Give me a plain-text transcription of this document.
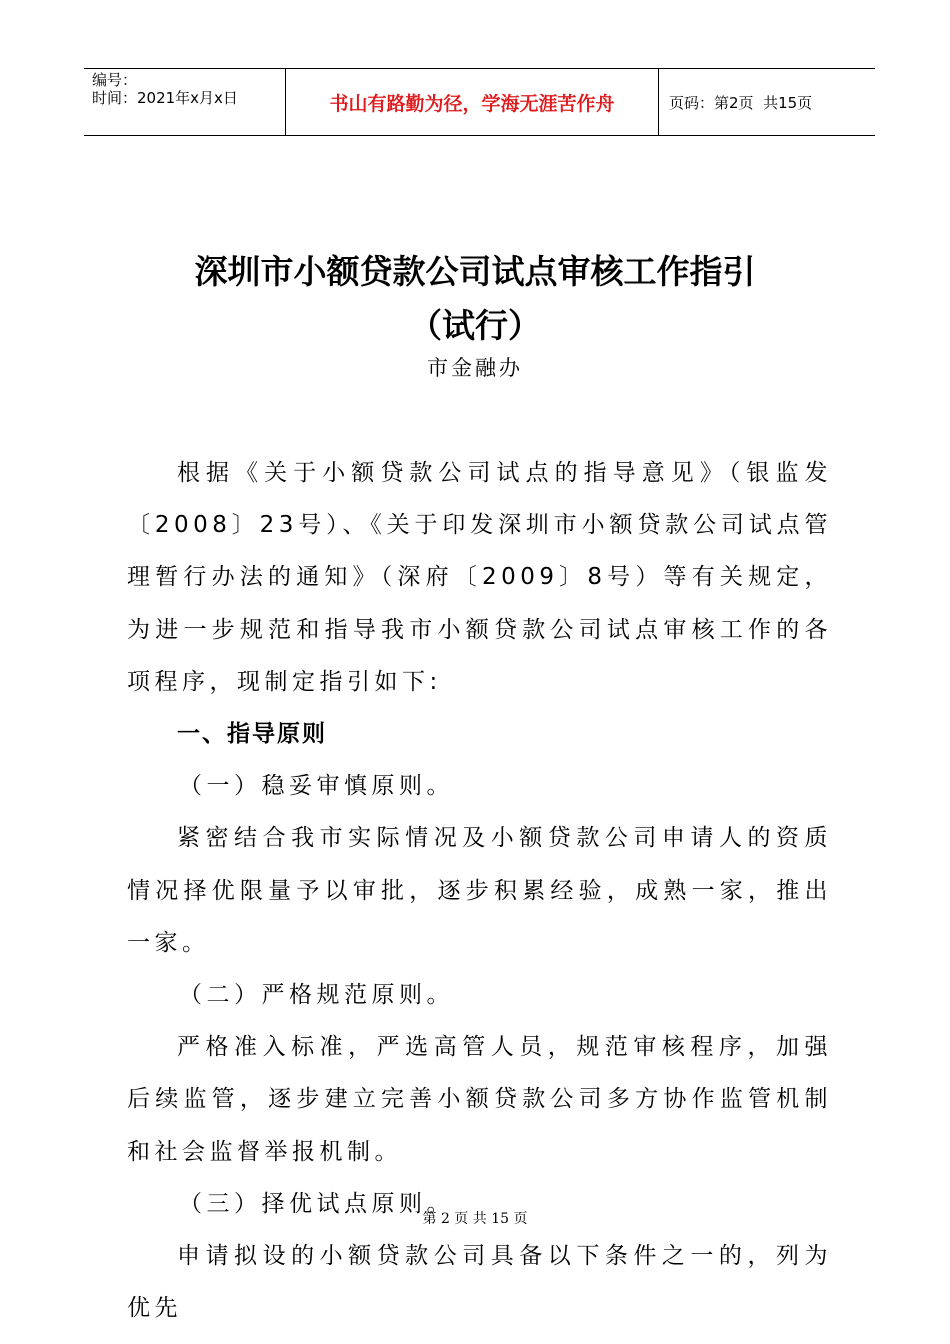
编号：
时间：2021年x月x日	书山有路勤为径，学海无涯苦作舟	页码：第2页  共15页
深圳市小额贷款公司试点审核工作指引
（试行）
市金融办

根据《关于小额贷款公司试点的指导意见》（银监发〔2008〕23号）、《关于印发深圳市小额贷款公司试点管理暂行办法的通知》（深府〔2009〕8号）等有关规定，为进一步规范和指导我市小额贷款公司试点审核工作的各项程序，现制定指引如下:

一、指导原则

（一）稳妥审慎原则。

紧密结合我市实际情况及小额贷款公司申请人的资质情况择优限量予以审批，逐步积累经验，成熟一家，推出一家。

（二）严格规范原则。

严格准入标准，严选高管人员，规范审核程序，加强后续监管，逐步建立完善小额贷款公司多方协作监管机制和社会监督举报机制。

（三）择优试点原则。

申请拟设的小额贷款公司具备以下条件之一的，列为优先

第 2 页 共 15 页
